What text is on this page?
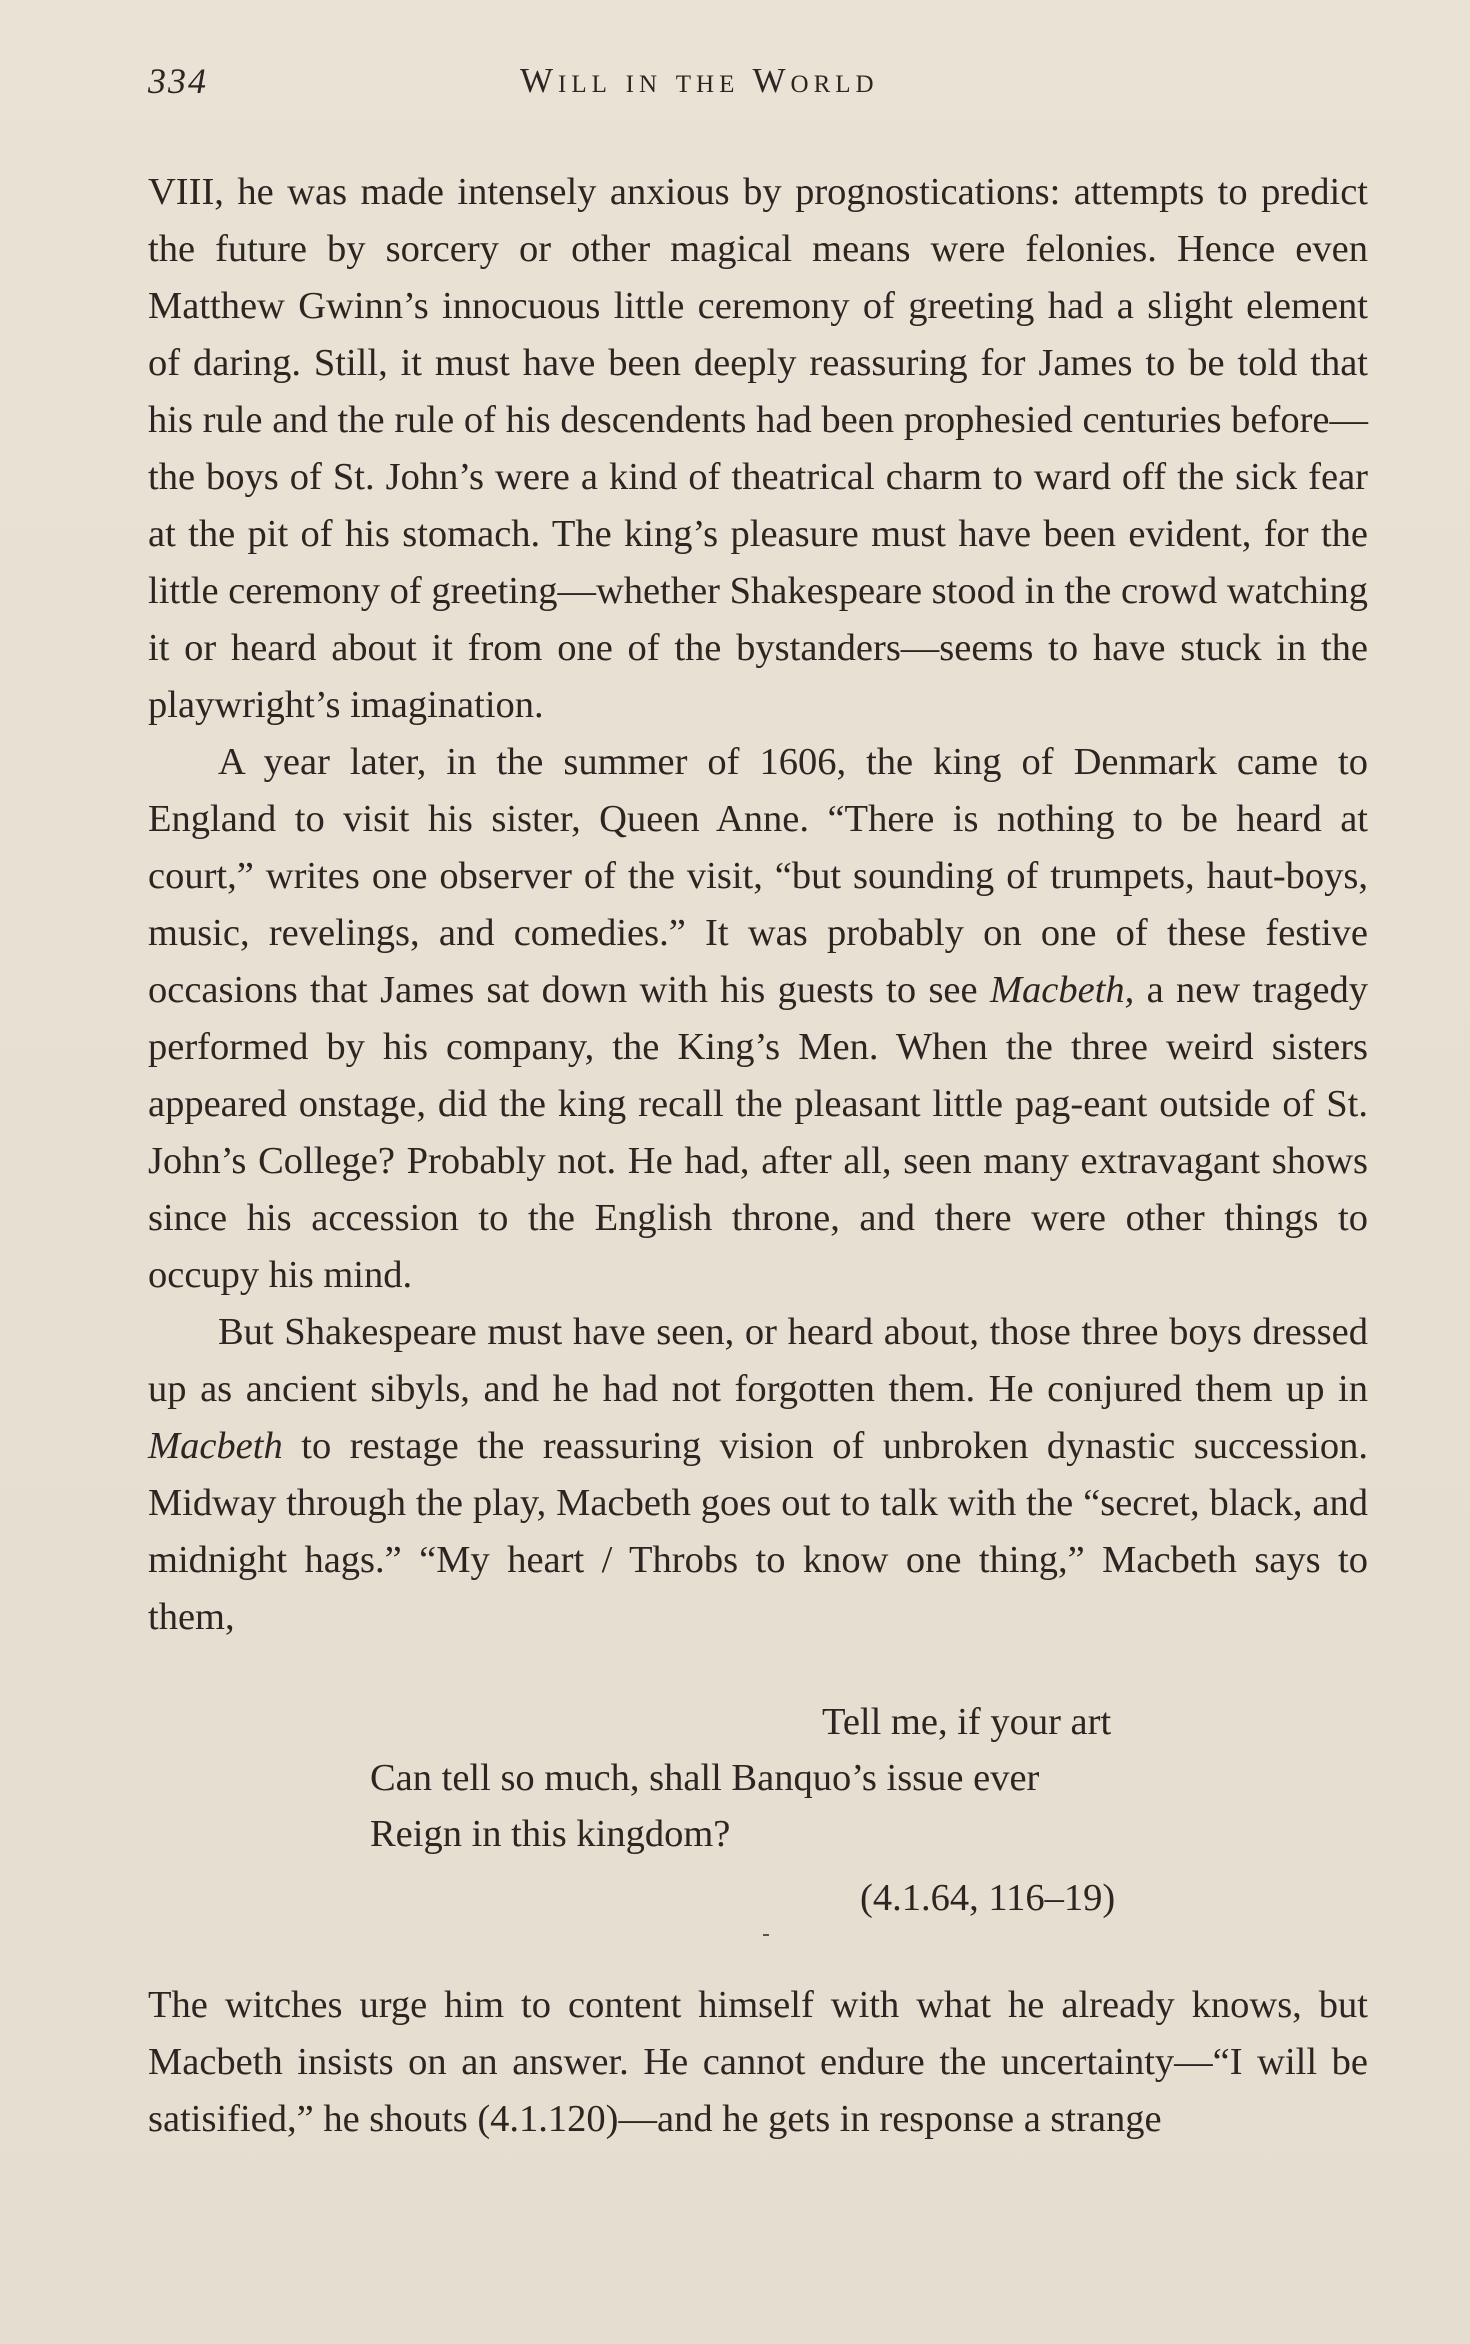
334	Will in the World

VIII, he was made intensely anxious by prognostications: attempts to predict the future by sorcery or other magical means were felonies. Hence even Matthew Gwinn’s innocuous little ceremony of greeting had a slight element of daring. Still, it must have been deeply reassuring for James to be told that his rule and the rule of his descendents had been prophesied centuries before—the boys of St. John’s were a kind of theatrical charm to ward off the sick fear at the pit of his stomach. The king’s pleasure must have been evident, for the little ceremony of greeting—whether Shakespeare stood in the crowd watching it or heard about it from one of the bystanders—seems to have stuck in the playwright’s imagination.

A year later, in the summer of 1606, the king of Denmark came to England to visit his sister, Queen Anne. “There is nothing to be heard at court,” writes one observer of the visit, “but sounding of trumpets, haut-boys, music, revelings, and comedies.” It was probably on one of these festive occasions that James sat down with his guests to see Macbeth, a new tragedy performed by his company, the King’s Men. When the three weird sisters appeared onstage, did the king recall the pleasant little pag-eant outside of St. John’s College? Probably not. He had, after all, seen many extravagant shows since his accession to the English throne, and there were other things to occupy his mind.

But Shakespeare must have seen, or heard about, those three boys dressed up as ancient sibyls, and he had not forgotten them. He conjured them up in Macbeth to restage the reassuring vision of unbroken dynastic succession. Midway through the play, Macbeth goes out to talk with the “secret, black, and midnight hags.” “My heart / Throbs to know one thing,” Macbeth says to them,

Tell me, if your art
Can tell so much, shall Banquo’s issue ever
Reign in this kingdom?
(4.1.64, 116–19)

The witches urge him to content himself with what he already knows, but Macbeth insists on an answer. He cannot endure the uncertainty—“I will be satisified,” he shouts (4.1.120)—and he gets in response a strange
